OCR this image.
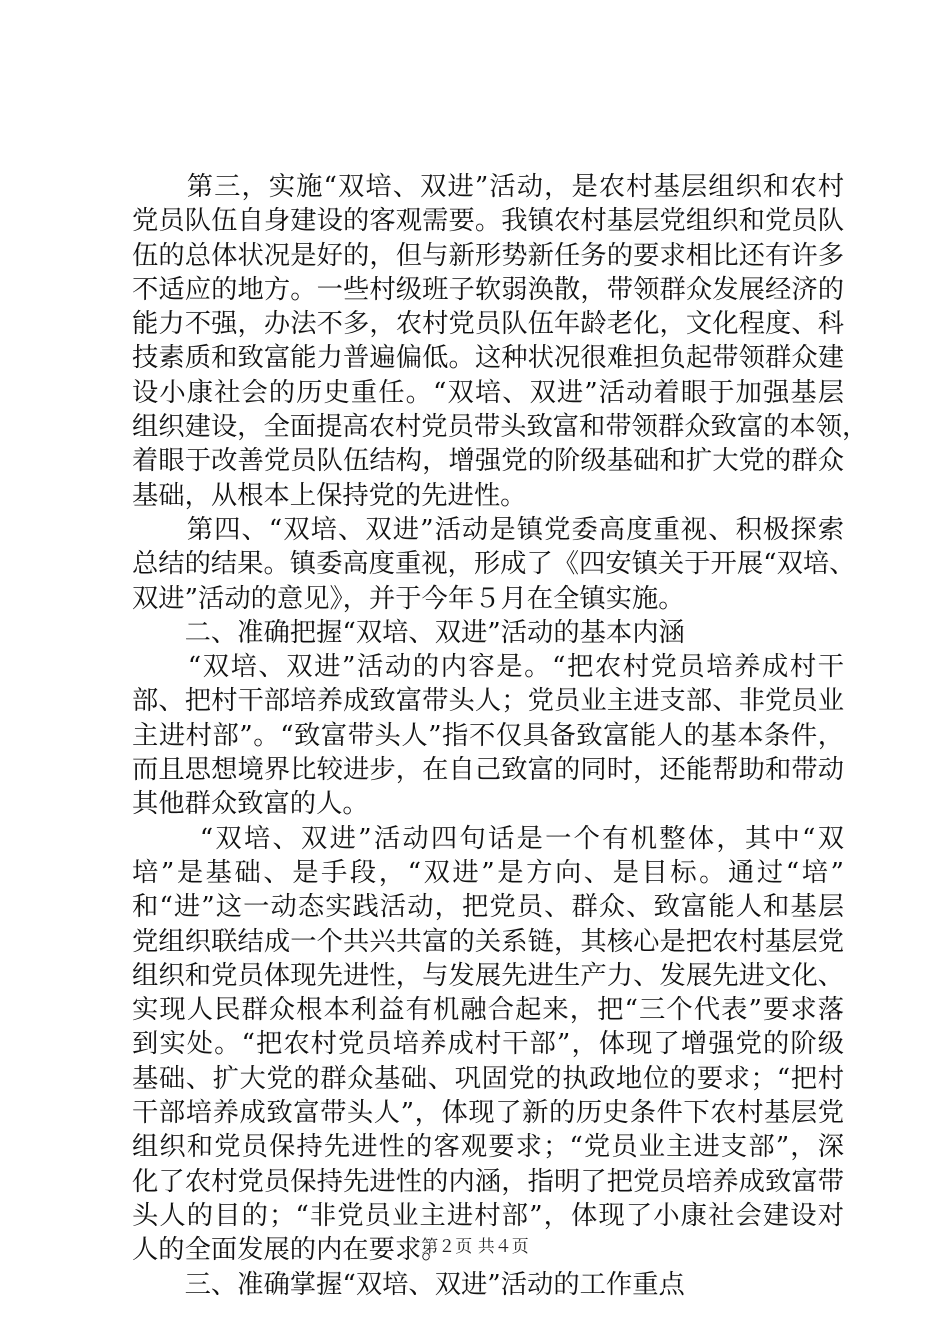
　　第三，实施“双培、双进”活动，是农村基层组织和农村
党员队伍自身建设的客观需要。我镇农村基层党组织和党员队
伍的总体状况是好的，但与新形势新任务的要求相比还有许多
不适应的地方。一些村级班子软弱涣散，带领群众发展经济的
能力不强，办法不多，农村党员队伍年龄老化，文化程度、科
技素质和致富能力普遍偏低。这种状况很难担负起带领群众建
设小康社会的历史重任。“双培、双进”活动着眼于加强基层
组织建设，全面提高农村党员带头致富和带领群众致富的本领，
着眼于改善党员队伍结构，增强党的阶级基础和扩大党的群众
基础，从根本上保持党的先进性。
　　第四、“双培、双进”活动是镇党委高度重视、积极探索
总结的结果。镇委高度重视，形成了《四安镇关于开展“双培、
双进”活动的意见》，并于今年５月在全镇实施。
　　二、准确把握“双培、双进”活动的基本内涵
　　“双培、双进”活动的内容是。“把农村党员培养成村干
部、把村干部培养成致富带头人；党员业主进支部、非党员业
主进村部”。“致富带头人”指不仅具备致富能人的基本条件，
而且思想境界比较进步，在自己致富的同时，还能帮助和带动
其他群众致富的人。
　　 “双培、双进”活动四句话是一个有机整体，其中“双
培”是基础、是手段，“双进”是方向、是目标。通过“培”
和“进”这一动态实践活动，把党员、群众、致富能人和基层
党组织联结成一个共兴共富的关系链，其核心是把农村基层党
组织和党员体现先进性，与发展先进生产力、发展先进文化、
实现人民群众根本利益有机融合起来，把“三个代表”要求落
到实处。“把农村党员培养成村干部”，体现了增强党的阶级
基础、扩大党的群众基础、巩固党的执政地位的要求；“把村
干部培养成致富带头人”，体现了新的历史条件下农村基层党
组织和党员保持先进性的客观要求；“党员业主进支部”，深
化了农村党员保持先进性的内涵，指明了把党员培养成致富带
头人的目的；“非党员业主进村部”，体现了小康社会建设对
人的全面发展的内在要求。
　　三、准确掌握“双培、双进”活动的工作重点
第２页 共４页
